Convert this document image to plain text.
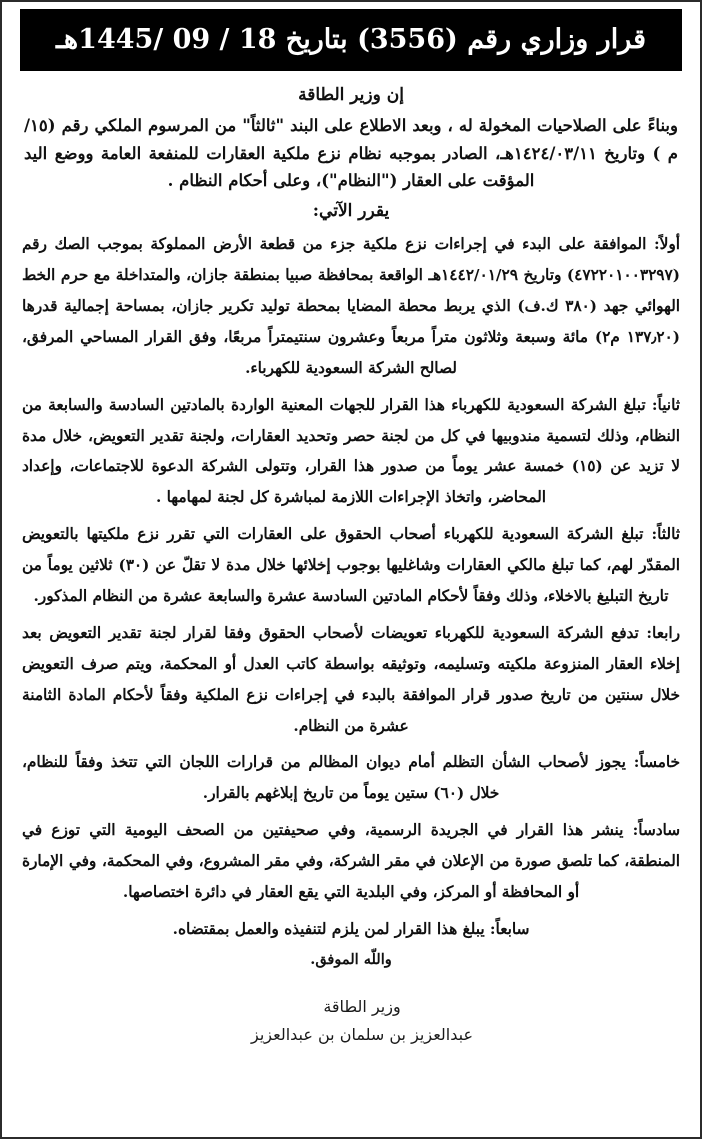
قرار وزاري رقم (3556) بتاريخ 18 / 09 /1445هـ
إن وزير الطاقة
وبناءً على الصلاحيات المخولة له ، وبعد الاطلاع على البند "ثالثاً" من المرسوم الملكي رقم (١٥/م ) وتاريخ ١٤٢٤/٠٣/١١هـ، الصادر بموجبه نظام نزع ملكية العقارات للمنفعة العامة ووضع اليد المؤقت على العقار ("النظام")، وعلى أحكام النظام .
يقرر الآتي:

أولاً: الموافقة على البدء في إجراءات نزع ملكية جزء من قطعة الأرض المملوكة بموجب الصك رقم (٤٧٢٢٠١٠٠٣٢٩٧) وتاريخ ١٤٤٢/٠١/٢٩هـ الواقعة بمحافظة صبيا بمنطقة جازان، والمتداخلة مع حرم الخط الهوائي جهد (٣٨٠ ك.ف) الذي يربط محطة المضايا بمحطة توليد تكرير جازان، بمساحة إجمالية قدرها (١٣٧٫٢٠ م٢) مائة وسبعة وثلاثون متراً مربعاً وعشرون سنتيمتراً مربعًا، وفق القرار المساحي المرفق، لصالح الشركة السعودية للكهرباء.

ثانياً: تبلغ الشركة السعودية للكهرباء هذا القرار للجهات المعنية الواردة بالمادتين السادسة والسابعة من النظام، وذلك لتسمية مندوبيها في كل من لجنة حصر وتحديد العقارات، ولجنة تقدير التعويض، خلال مدة لا تزيد عن (١٥) خمسة عشر يوماً من صدور هذا القرار، وتتولى الشركة الدعوة للاجتماعات، وإعداد المحاضر، واتخاذ الإجراءات اللازمة لمباشرة كل لجنة لمهامها .

ثالثاً: تبلغ الشركة السعودية للكهرباء أصحاب الحقوق على العقارات التي تقرر نزع ملكيتها بالتعويض المقدّر لهم، كما تبلغ مالكي العقارات وشاغليها بوجوب إخلائها خلال مدة لا تقلّ عن (٣٠) ثلاثين يوماً من تاريخ التبليغ بالاخلاء، وذلك وفقاً لأحكام المادتين السادسة عشرة والسابعة عشرة من النظام المذكور.

رابعا: تدفع الشركة السعودية للكهرباء تعويضات لأصحاب الحقوق وفقا لقرار لجنة تقدير التعويض بعد إخلاء العقار المنزوعة ملكيته وتسليمه، وتوثيقه بواسطة كاتب العدل أو المحكمة، ويتم صرف التعويض خلال سنتين من تاريخ صدور قرار الموافقة بالبدء في إجراءات نزع الملكية وفقاً لأحكام المادة الثامنة عشرة من النظام.

خامساً: يجوز لأصحاب الشأن التظلم أمام ديوان المظالم من قرارات اللجان التي تتخذ وفقاً للنظام، خلال (٦٠) ستين يوماً من تاريخ إبلاغهم بالقرار.

سادساً: ينشر هذا القرار في الجريدة الرسمية، وفي صحيفتين من الصحف اليومية التي توزع في المنطقة، كما تلصق صورة من الإعلان في مقر الشركة، وفي مقر المشروع، وفي المحكمة، وفي الإمارة أو المحافظة أو المركز، وفي البلدية التي يقع العقار في دائرة اختصاصها.

سابعاً: يبلغ هذا القرار لمن يلزم لتنفيذه والعمل بمقتضاه.
واللّه الموفق.
وزير الطاقة
عبدالعزيز بن سلمان بن عبدالعزيز
